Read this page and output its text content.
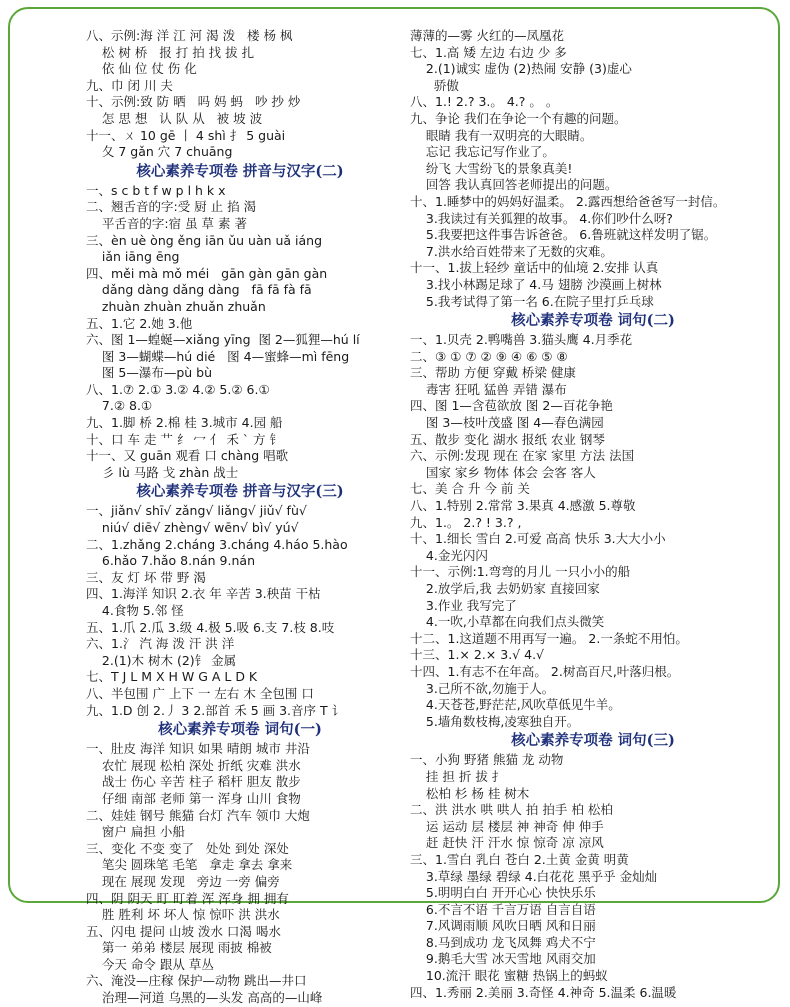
八、示例:海 洋 江 河 渴 泼   楼 杨 枫
松 树 桥   报 打 拍 找 拔 扎
依 仙 位 仗 伤 化
九、巾 闭 川 夫
十、示例:致 防 晒   吗 妈 蚂   吵 抄 炒
怎 思 想   认 队 从   被 坡 波
十一、ㄨ 10 gē 丨 4 shì 扌 5 guài
夂 7 gǎn 穴 7 chuāng
核心素养专项卷 拼音与汉字(二)
一、s c b t f w p l h k x
二、翘舌音的字:受 厨 止 掐 渴
平舌音的字:宿 虽 草 素 著
三、èn uè òng ěng iān ǔu uàn uǎ iáng
iǎn iāng ēng
四、měi mà mǒ méi   gān gàn gān gàn
dǎng dàng dǎng dàng   fā fā fà fā
zhuàn zhuàn zhuǎn zhuǎn
五、1.它 2.她 3.他
六、图 1—蝗蜒—xiǎng yīng  图 2—狐狸—hú lí
图 3—蝴蝶—hú dié   图 4—蜜蜂—mì fēng
图 5—瀑布—pù bù
八、1.⑦ 2.① 3.② 4.② 5.② 6.①
7.② 8.①
九、1.脚 桥 2.棉 桂 3.城市 4.园 船
十、口 车 走 艹 纟 冖 亻 禾 ˋ 方 钅
十一、又 guān 观看 口 chàng 唱歌
彡 lù 马路 戈 zhàn 战士
核心素养专项卷 拼音与汉字(三)
一、jiǎn√ shī√ zǎng√ liǎng√ jiǔ√ fù√
niú√ diē√ zhèng√ wēn√ bì√ yú√
二、1.zhǎng 2.cháng 3.cháng 4.háo 5.hào
6.hǎo 7.hǎo 8.nán 9.nán
三、友 灯 坏 带 野 渴
四、1.海洋 知识 2.衣 年 辛苦 3.秧苗 干枯
4.食物 5.邻 怪
五、1.爪 2.瓜 3.级 4.极 5.吸 6.支 7.枝 8.吱
六、1.氵 汽 海 泼 汗 洪 洋
2.(1)木 树木 (2)钅 金属
七、T J L M X H W G A L D K
八、半包围 广 上下 一 左右 木 全包围 口
九、1.D 创 2.丿 3 2.部首 禾 5 画 3.音序 T 讠
核心素养专项卷 词句(一)
一、肚皮 海洋 知识 如果 晴朗 城市 井沿
农忙 展现 松柏 深处 折纸 灾难 洪水
战士 伤心 辛苦 柱子 稻杆 胆友 散步
仔细 南部 老师 第一 浑身 山川 食物
二、娃娃 钢号 熊猫 台灯 汽车 领巾 大炮
窗户 扁担 小船
三、变化 不变 变了   处处 到处 深处
笔尖 圆珠笔 毛笔   拿走 拿去 拿来
现在 展现 发现   旁边 一旁 偏旁
四、阴 阴天 盯 盯着 浑 浑身 拥 拥有
胜 胜利 坏 坏人 惊 惊吓 洪 洪水
五、闪电 提问 山坡 泼水 口渴 喝水
第一 弟弟 楼层 展现 雨披 棉被
今天 命令 跟从 草丛
六、淹没—庄稼 保护—动物 跳出—井口
治理—河道 乌黑的—头发 高高的—山峰
薄薄的—雾 火红的—凤凰花
七、1.高 矮 左边 右边 少 多
2.(1)诚实 虚伪 (2)热闹 安静 (3)虚心
骄傲
八、1.! 2.? 3.。 4.? 。 。
九、争论 我们在争论一个有趣的问题。
眼睛 我有一双明亮的大眼睛。
忘记 我忘记写作业了。
纷飞 大雪纷飞的景象真美!
回答 我认真回答老师提出的问题。
十、1.睡梦中的妈妈好温柔。 2.露西想给爸爸写一封信。
3.我读过有关狐狸的故事。 4.你们吵什么呀?
5.我要把这件事告诉爸爸。 6.鲁班就这样发明了锯。
7.洪水给百姓带来了无数的灾难。
十一、1.拔上轻纱 童话中的仙境 2.安排 认真
3.找小林踢足球了 4.马 翅膀 沙漠画上树林
5.我考试得了第一名 6.在院子里打乒乓球
核心素养专项卷 词句(二)
一、1.贝壳 2.鸭嘴兽 3.猫头鹰 4.月季花
二、③ ① ⑦ ② ⑨ ④ ⑥ ⑤ ⑧
三、帮助 方便 穿戴 桥梁 健康
毒害 狂吼 猛兽 弄错 瀑布
四、图 1—含苞欲放 图 2—百花争艳
图 3—枝叶茂盛 图 4—春色满园
五、散步 变化 湖水 报纸 农业 钢琴
六、示例:发现 现在 在家 家里 方法 法国
国家 家乡 物体 体会 会客 客人
七、美 合 升 今 前 关
八、1.特别 2.常常 3.果真 4.感激 5.尊敬
九、1.。 2.? ! 3.? ,
十、1.细长 雪白 2.可爱 高高 快乐 3.大大小小
4.金光闪闪
十一、示例:1.弯弯的月儿 一只小小的船
2.放学后,我 去奶奶家 直接回家
3.作业 我写完了
4.一吹,小草都在向我们点头微笑
十二、1.这道题不用再写一遍。 2.一条蛇不用怕。
十三、1.× 2.× 3.√ 4.√
十四、1.有志不在年高。 2.树高百尺,叶落归根。
3.己所不欲,勿施于人。
4.天苍苍,野茫茫,风吹草低见牛羊。
5.墙角数枝梅,凌寒独自开。
核心素养专项卷 词句(三)
一、小狗 野猪 熊猫 龙 动物
挂 担 折 拔 扌
松柏 杉 杨 桂 树木
二、洪 洪水 哄 哄人 拍 拍手 柏 松柏
运 运动 层 楼层 神 神奇 伸 伸手
赶 赶快 汗 汗水 惊 惊奇 凉 凉风
三、1.雪白 乳白 苍白 2.土黄 金黄 明黄
3.草绿 墨绿 碧绿 4.白花花 黑乎乎 金灿灿
5.明明白白 开开心心 快快乐乐
6.不言不语 千言万语 自言自语
7.风调雨顺 风吹日晒 风和日丽
8.马到成功 龙飞凤舞 鸡犬不宁
9.鹅毛大雪 冰天雪地 风雨交加
10.流汗 眼花 蜜糖 热锅上的蚂蚁
四、1.秀丽 2.美丽 3.奇怪 4.神奇 5.温柔 6.温暖
